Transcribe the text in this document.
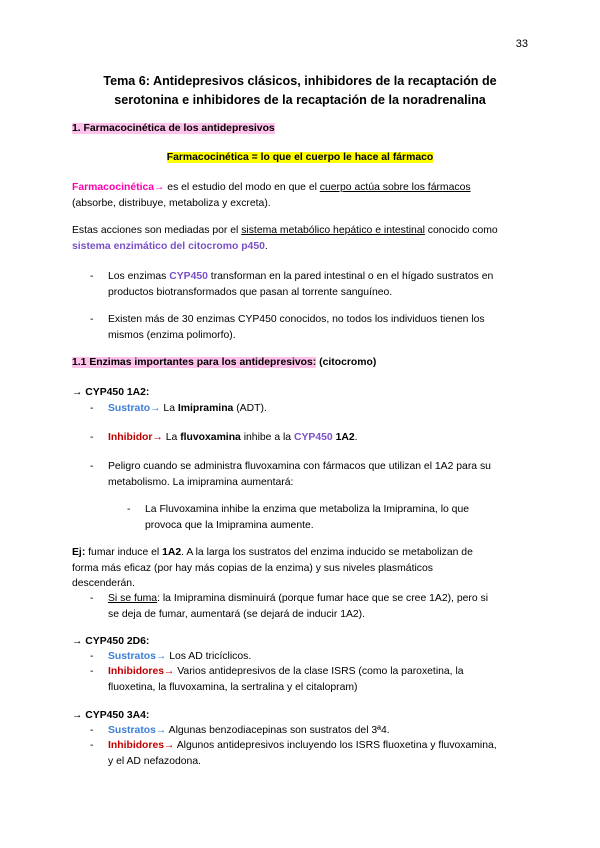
33
Tema 6: Antidepresivos clásicos, inhibidores de la recaptación de
serotonina e inhibidores de la recaptación de la noradrenalina
1. Farmacocinética de los antidepresivos
Farmacocinética = lo que el cuerpo le hace al fármaco

Farmacocinética→ es el estudio del modo en que el cuerpo actúa sobre los fármacos

(absorbe, distribuye, metaboliza y excreta).

Estas acciones son mediadas por el sistema metabólico hepático e intestinal conocido como

sistema enzimático del citocromo p450.

- Los enzimas CYP450 transforman en la pared intestinal o en el hígado sustratos en

productos biotransformados que pasan al torrente sanguíneo.

- Existen más de 30 enzimas CYP450 conocidos, no todos los individuos tienen los

mismos (enzima polimorfo).

1.1 Enzimas importantes para los antidepresivos: (citocromo)
→ CYP450 1A2:
- Sustrato→ La Imipramina (ADT).
- Inhibidor→ La fluvoxamina inhibe a la CYP450 1A2.
- Peligro cuando se administra fluvoxamina con fármacos que utilizan el 1A2 para su

metabolismo. La imipramina aumentará:

- La Fluvoxamina inhibe la enzima que metaboliza la Imipramina, lo que

provoca que la Imipramina aumente.

Ej: fumar induce el 1A2. A la larga los sustratos del enzima inducido se metabolizan de

forma más eficaz (por hay más copias de la enzima) y sus niveles plasmáticos

descenderán.

- Si se fuma: la Imipramina disminuirá (porque fumar hace que se cree 1A2), pero si

se deja de fumar, aumentará (se dejará de inducir 1A2).

→ CYP450 2D6:
- Sustratos→ Los AD tricíclicos.
- Inhibidores→ Varios antidepresivos de la clase ISRS (como la paroxetina, la

fluoxetina, la fluvoxamina, la sertralina y el citalopram)

→ CYP450 3A4:
- Sustratos→ Algunas benzodiacepinas son sustratos del 3ª4.
- Inhibidores→ Algunos antidepresivos incluyendo los ISRS fluoxetina y fluvoxamina,

y el AD nefazodona.
